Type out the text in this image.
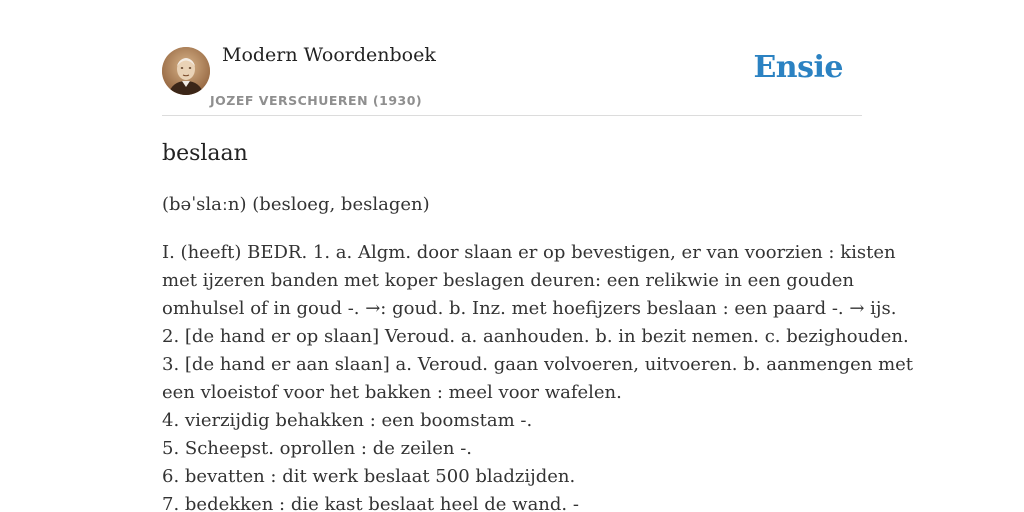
Modern Woordenboek
JOZEF VERSCHUEREN (1930)
Ensie
beslaan

(bəˈslaːn) (besloeg, beslagen)

I. (heeft) BEDR. 1. a. Algm. door slaan er op bevestigen, er van voorzien : kisten
met ijzeren banden met koper beslagen deuren: een relikwie in een gouden
omhulsel of in goud -. →: goud. b. Inz. met hoefijzers beslaan : een paard -. → ijs.
2. [de hand er op slaan] Veroud. a. aanhouden. b. in bezit nemen. c. bezighouden.
3. [de hand er aan slaan] a. Veroud. gaan volvoeren, uitvoeren. b. aanmengen met
een vloeistof voor het bakken : meel voor wafelen.
4. vierzijdig behakken : een boomstam -.
5. Scheepst. oprollen : de zeilen -.
6. bevatten : dit werk beslaat 500 bladzijden.
7. bedekken : die kast beslaat heel de wand. -
